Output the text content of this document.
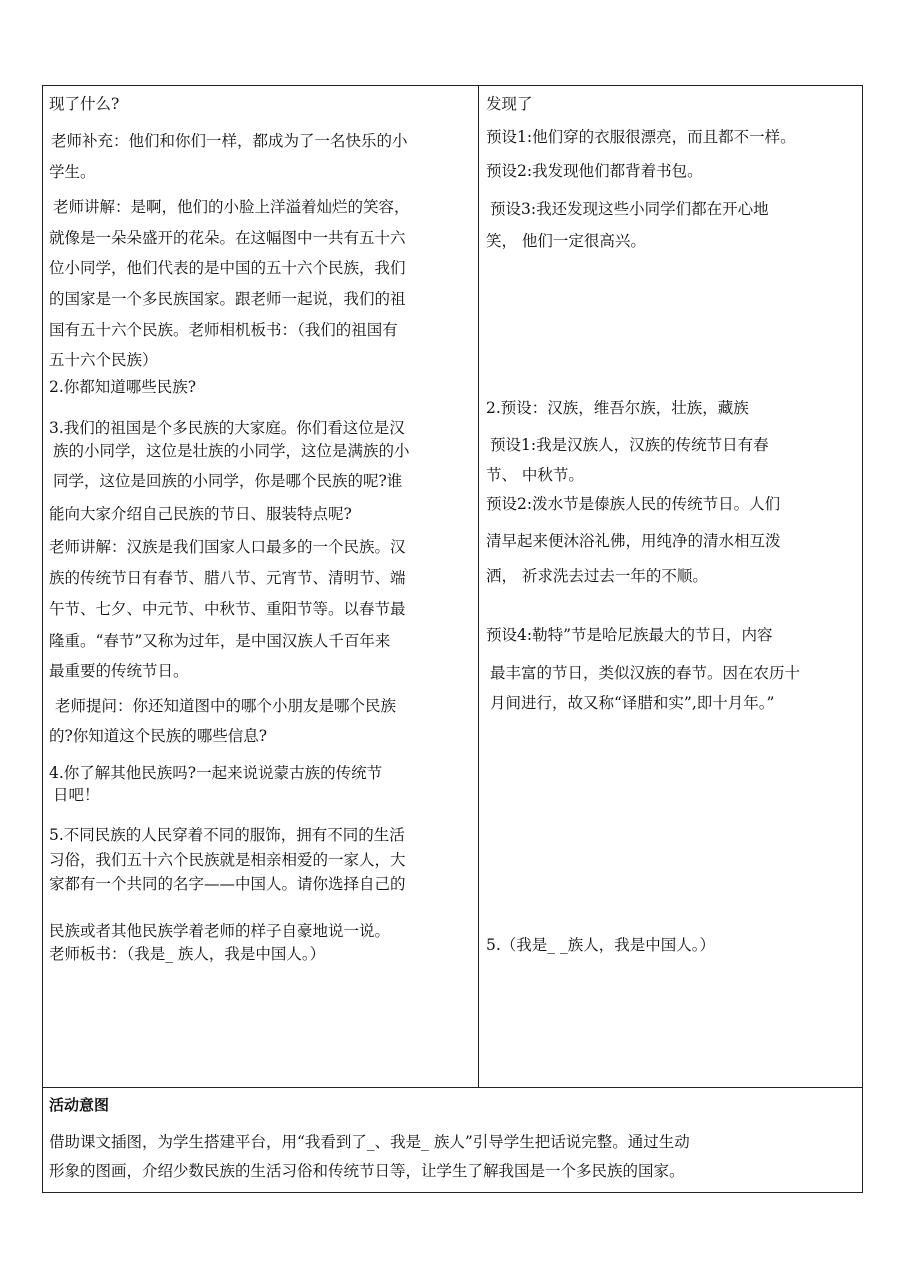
现了什么?
老师补充：他们和你们一样，都成为了一名快乐的小
学生。
老师讲解：是啊，他们的小脸上洋溢着灿烂的笑容，
就像是一朵朵盛开的花朵。在这幅图中一共有五十六
位小同学，他们代表的是中国的五十六个民族，我们
的国家是一个多民族国家。跟老师一起说，我们的祖
国有五十六个民族。老师相机板书：（我们的祖国有
五十六个民族）
2.你都知道哪些民族?
3.我们的祖国是个多民族的大家庭。你们看这位是汉
族的小同学，这位是壮族的小同学，这位是满族的小
同学，这位是回族的小同学，你是哪个民族的呢?谁
能向大家介绍自己民族的节日、服装特点呢?
老师讲解：汉族是我们国家人口最多的一个民族。汉
族的传统节日有春节、腊八节、元宵节、清明节、端
午节、七夕、中元节、中秋节、重阳节等。以春节最
隆重。“春节”又称为过年，是中国汉族人千百年来
最重要的传统节日。
老师提问：你还知道图中的哪个小朋友是哪个民族
的?你知道这个民族的哪些信息?
4.你了解其他民族吗?一起来说说蒙古族的传统节
日吧！
5.不同民族的人民穿着不同的服饰，拥有不同的生活
习俗，我们五十六个民族就是相亲相爱的一家人，大
家都有一个共同的名字——中国人。请你选择自己的
民族或者其他民族学着老师的样子自豪地说一说。
老师板书：（我是_ 族人，我是中国人。）
发现了
预设1:他们穿的衣服很漂亮，而且都不一样。
预设2:我发现他们都背着书包。
预设3:我还发现这些小同学们都在开心地
笑， 他们一定很高兴。
2.预设：汉族，维吾尔族，壮族，藏族
预设1:我是汉族人，汉族的传统节日有春
节、 中秋节。
预设2:泼水节是傣族人民的传统节日。人们
清早起来便沐浴礼佛，用纯净的清水相互泼
洒， 祈求洗去过去一年的不顺。
预设4:勒特”节是哈尼族最大的节日，内容
最丰富的节日，类似汉族的春节。因在农历十
月间进行，故又称“译腊和实”,即十月年。”
5.（我是_ _族人，我是中国人。）
活动意图
借助课文插图，为学生搭建平台，用“我看到了_、我是_ 族人”引导学生把话说完整。通过生动
形象的图画，介绍少数民族的生活习俗和传统节日等，让学生了解我国是一个多民族的国家。
